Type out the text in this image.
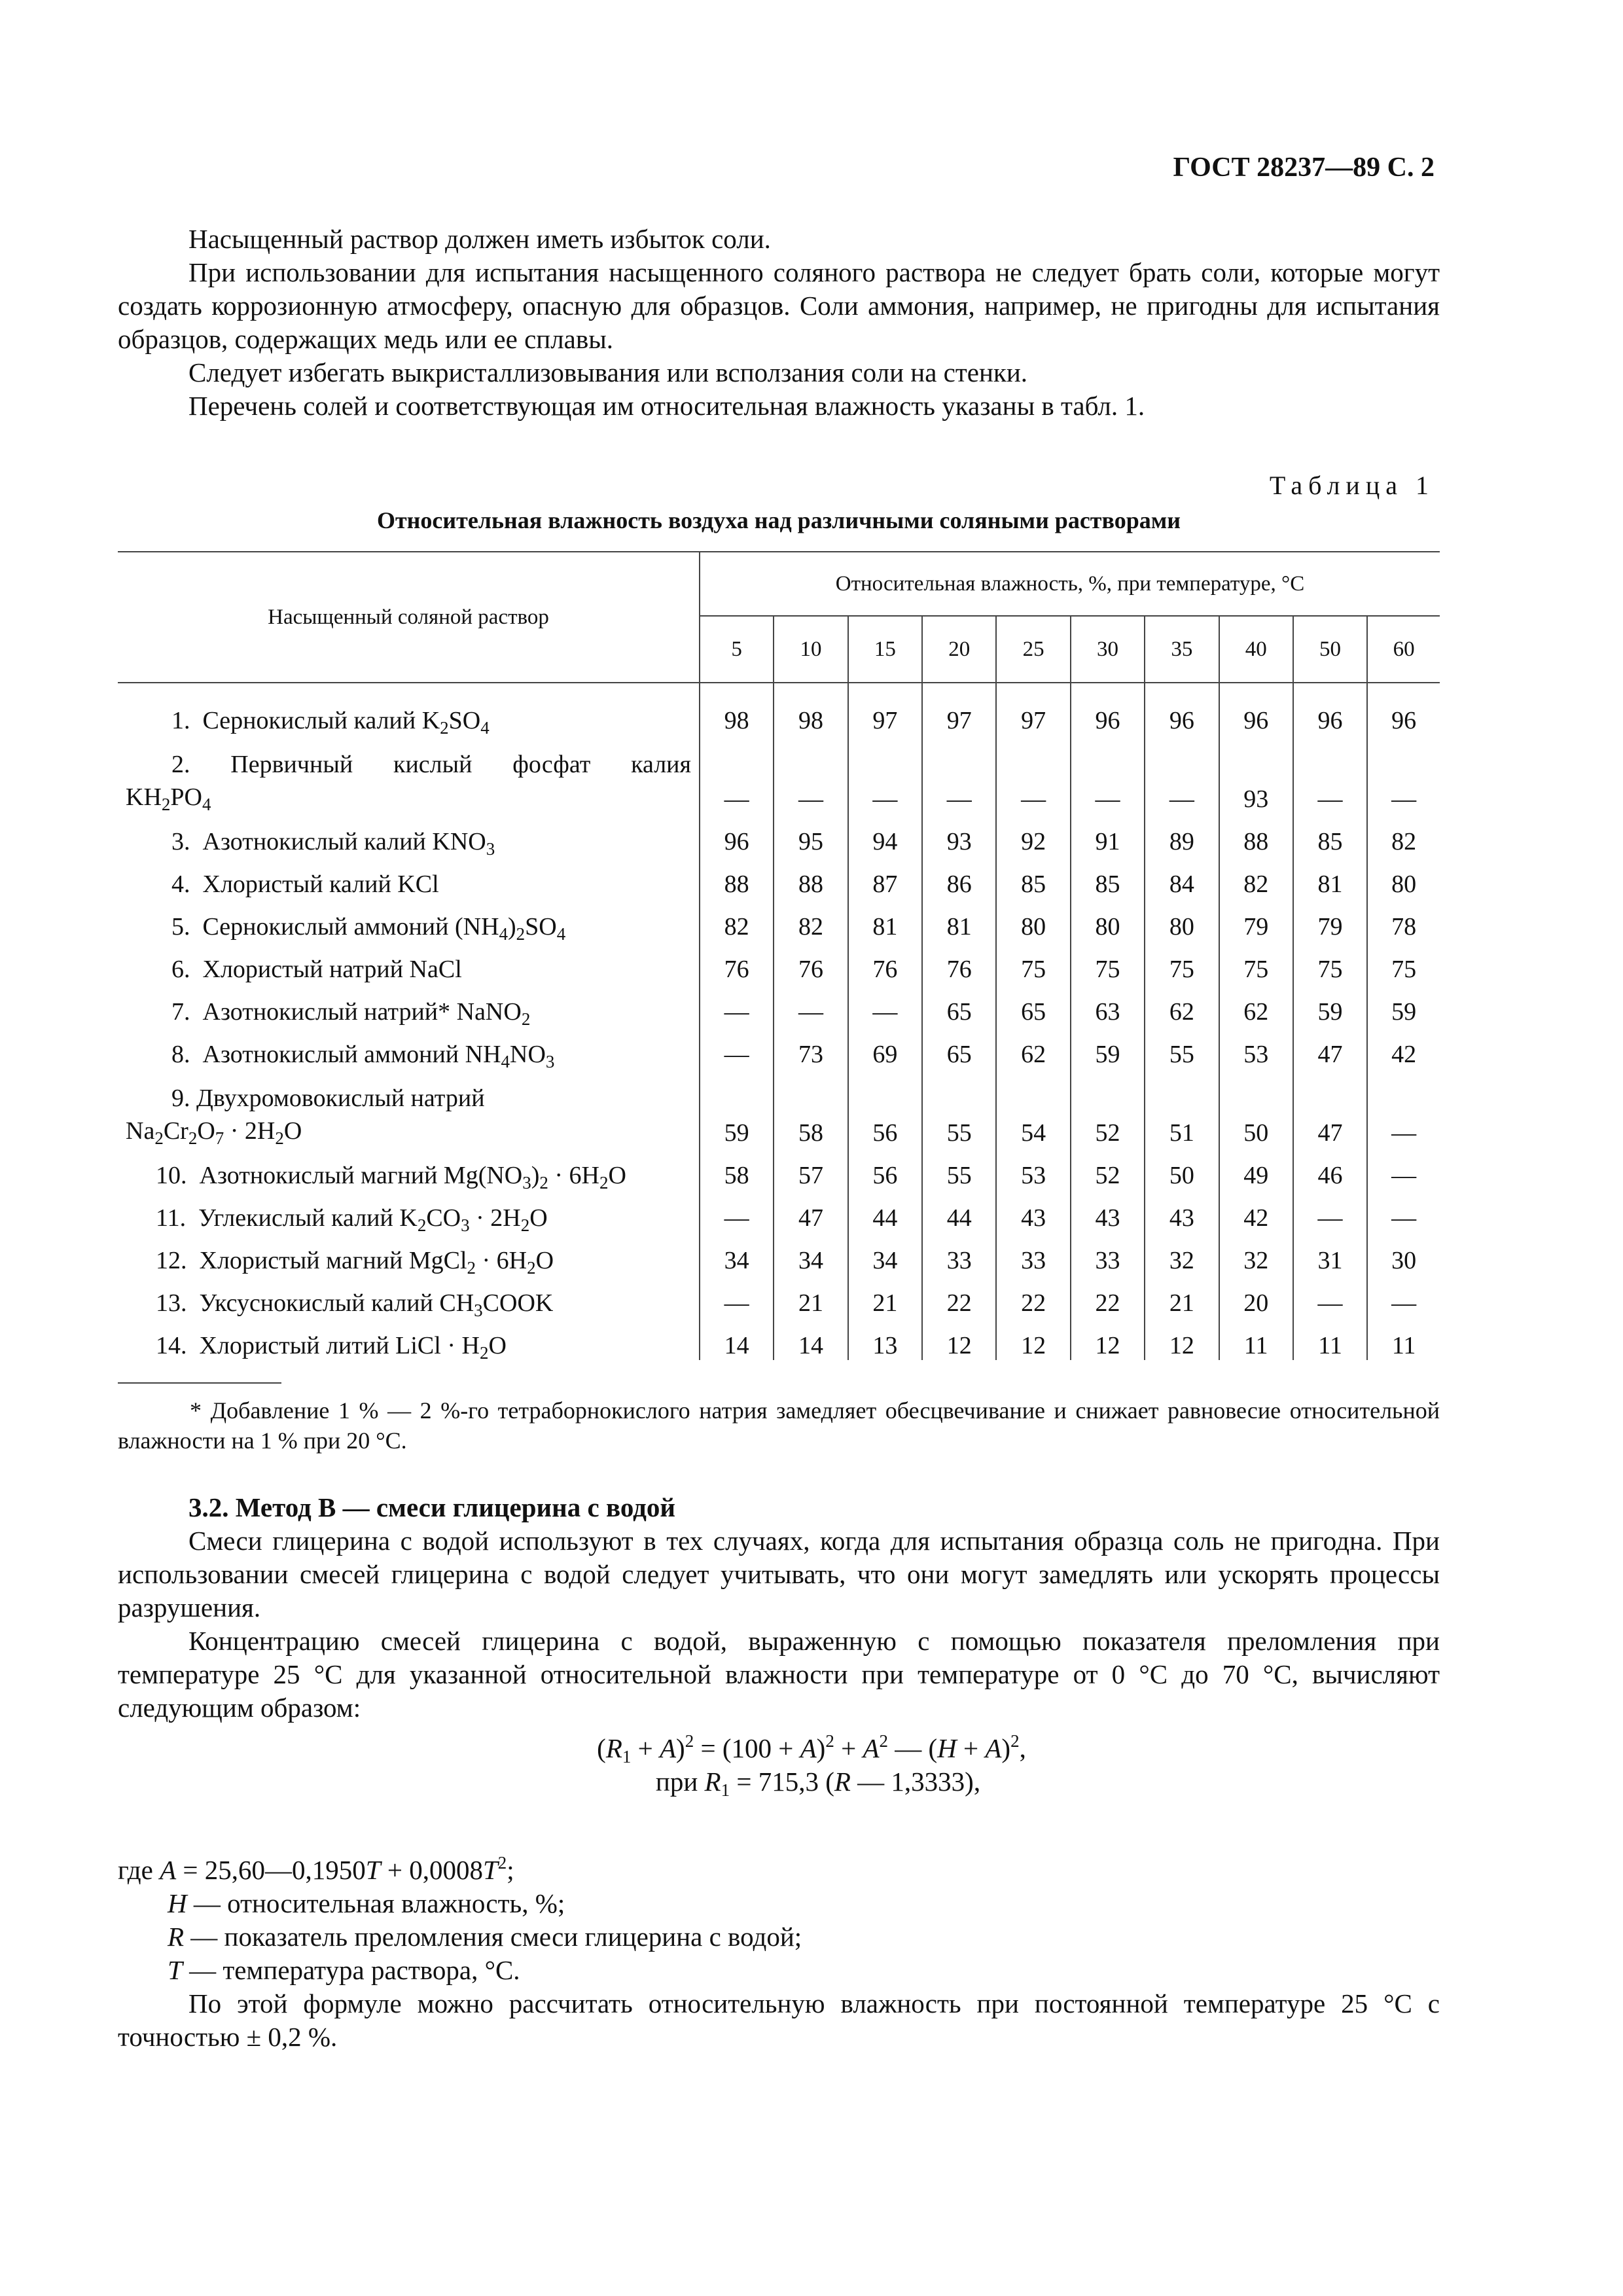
ГОСТ 28237—89 С. 2

Насыщенный раствор должен иметь избыток соли.

При использовании для испытания насыщенного соляного раствора не следует брать соли, которые могут создать коррозионную атмосферу, опасную для образцов. Соли аммония, например, не пригодны для испытания образцов, содержащих медь или ее сплавы.

Следует избегать выкристаллизовывания или всползания соли на стенки.

Перечень солей и соответствующая им относительная влажность указаны в табл. 1.

Таблица 1
Относительная влажность воздуха над различными соляными растворами
Насыщенный соляной раствор	Относительная влажность, %, при температуре, °С									
	5	10	15	20	25	30	35	40	50	60

1.  Сернокислый калий $K_2SO_4$	98	98	97	97	97	96	96	96	96	96

2. Первичный кислый фосфат калия
$KH_2PO_4$	—	—	—	—	—	—	—	93	—	—

3.  Азотнокислый калий $KNO_3$	96	95	94	93	92	91	89	88	85	82

4.  Хлористый калий KCl	88	88	87	86	85	85	84	82	81	80

5.  Сернокислый аммоний $(NH_4)_2SO_4$	82	82	81	81	80	80	80	79	79	78

6.  Хлористый натрий NaCl	76	76	76	76	75	75	75	75	75	75

7.  Азотнокислый натрий* NaNO$_2$	—	—	—	65	65	63	62	62	59	59

8.  Азотнокислый аммоний $NH_4NO_3$	—	73	69	65	62	59	55	53	47	42

9. Двухромовокислый натрий
$Na_2Cr_2O_7 \cdot 2H_2O$	59	58	56	55	54	52	51	50	47	—

10.  Азотнокислый магний $Mg(NO_3)_2 \cdot 6H_2O$	58	57	56	55	53	52	50	49	46	—

11.  Углекислый калий $K_2CO_3 \cdot 2H_2O$	—	47	44	44	43	43	43	42	—	—

12.  Хлористый магний MgCl$_2$ · $6H_2O$	34	34	34	33	33	33	32	32	31	30

13.  Уксуснокислый калий $CH_3COOK$	—	21	21	22	22	22	21	20	—	—

14.  Хлористый литий LiCl · $H_2O$	14	14	13	12	12	12	12	11	11	11
* Добавление 1 % — 2 %-го тетраборнокислого натрия замедляет обесцвечивание и снижает равновесие относительной влажности на 1 % при 20 °С.

3.2. Метод В — смеси глицерина с водой

Смеси глицерина с водой используют в тех случаях, когда для испытания образца соль не пригодна. При использовании смесей глицерина с водой следует учитывать, что они могут замедлять или ускорять процессы разрушения.

Концентрацию смесей глицерина с водой, выраженную с помощью показателя преломления при температуре 25 °С для указанной относительной влажности при температуре от 0 °С до 70 °С, вычисляют следующим образом:

$(R_1 + A)^2 = (100 + A)^2 + A^2$ — $(H + A)^2$,
при $R_1 = 715,3$ (R — 1,3333),
где A = 25,60—0,1950T + $0,0008T^2$;
H — относительная влажность, %;
R — показатель преломления смеси глицерина с водой;
T — температура раствора, °С.
По этой формуле можно рассчитать относительную влажность при постоянной температуре 25 °С с точностью ± 0,2 %.
